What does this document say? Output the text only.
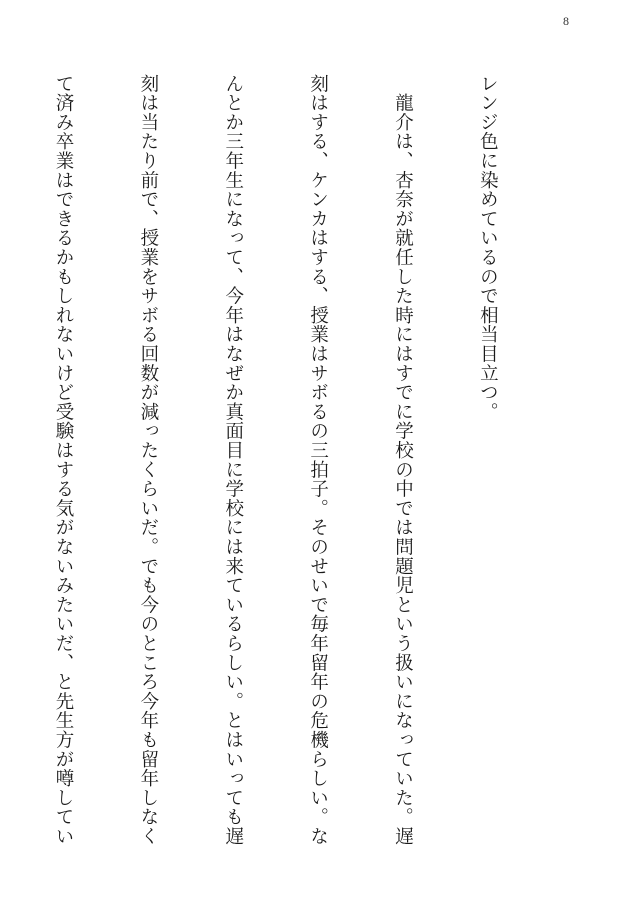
8

レンジ色に染めているので相当目立つ。

　龍介は、杏奈が就任した時にはすでに学校の中では問題児という扱いになっていた。遅

刻はする、ケンカはする、授業はサボるの三拍子。そのせいで毎年留年の危機らしい。な

んとか三年生になって、今年はなぜか真面目に学校には来ているらしい。とはいっても遅

刻は当たり前で、授業をサボる回数が減ったくらいだ。でも今のところ今年も留年しなく

て済み卒業はできるかもしれないけど受験はする気がないみたいだ、と先生方が噂してい
